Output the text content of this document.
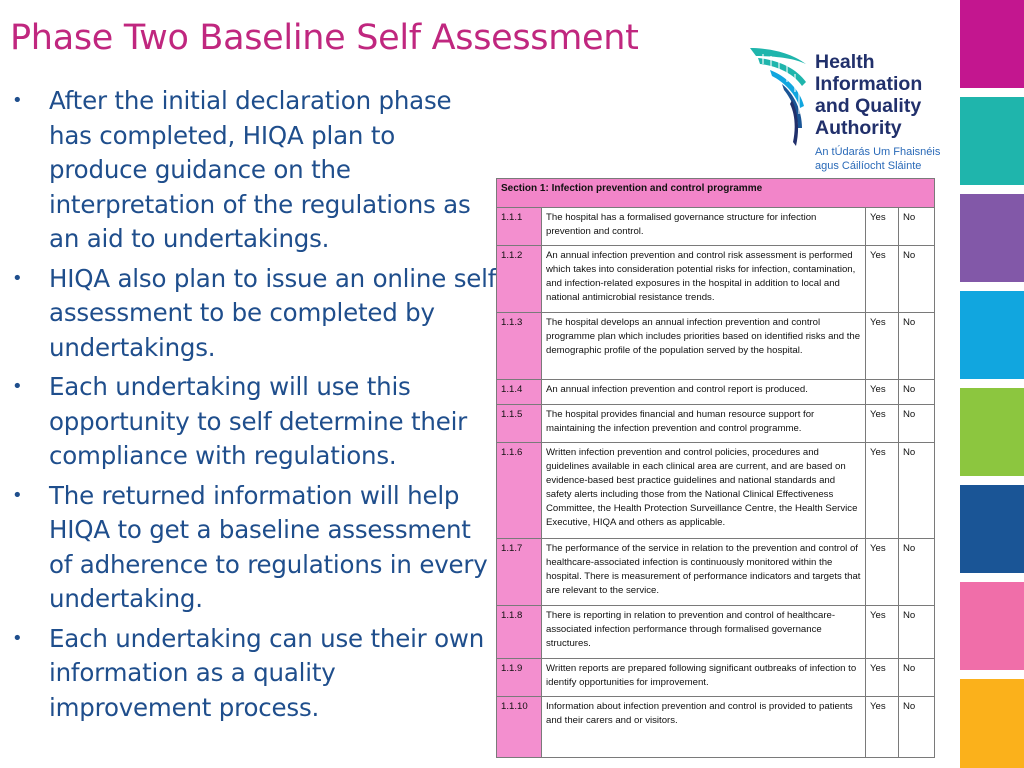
Phase Two Baseline Self Assessment
• After the initial declaration phase has completed, HIQA plan to produce guidance on the interpretation of the regulations as an aid to undertakings.
• HIQA also plan to issue an online self assessment to be completed by undertakings.
• Each undertaking will use this opportunity to self determine their compliance with regulations.
• The returned information will help HIQA to get a baseline assessment of adherence to regulations in every undertaking.
• Each undertaking can use their own information as a quality improvement process.
Health
Information
and Quality
Authority
An tÚdarás Um Fhaisnéis
agus Cáilíocht Sláinte
Section 1: Infection prevention and control programme			
1.1.1	The hospital has a formalised governance structure for infection prevention and control.	Yes	No
1.1.2	An annual infection prevention and control risk assessment is performed which takes into consideration potential risks for infection, contamination, and infection-related exposures in the hospital in addition to local and national antimicrobial resistance trends.	Yes	No
1.1.3	The hospital develops an annual infection prevention and control programme plan which includes priorities based on identified risks and the demographic profile of the population served by the hospital.	Yes	No
1.1.4	An annual infection prevention and control report is produced.	Yes	No
1.1.5	The hospital provides financial and human resource support for maintaining the infection prevention and control programme.	Yes	No
1.1.6	Written infection prevention and control policies, procedures and guidelines available in each clinical area are current, and are based on evidence-based best practice guidelines and national standards and safety alerts including those from the National Clinical Effectiveness Committee, the Health Protection Surveillance Centre, the Health Service Executive, HIQA and others as applicable.	Yes	No
1.1.7	The performance of the service in relation to the prevention and control of healthcare-associated infection is continuously monitored within the hospital. There is measurement of performance indicators and targets that are relevant to the service.	Yes	No
1.1.8	There is reporting in relation to prevention and control of healthcare-associated infection performance through formalised governance structures.	Yes	No
1.1.9	Written reports are prepared following significant outbreaks of infection to identify opportunities for improvement.	Yes	No
1.1.10	Information about infection prevention and control is provided to patients and their carers and or visitors.	Yes	No
